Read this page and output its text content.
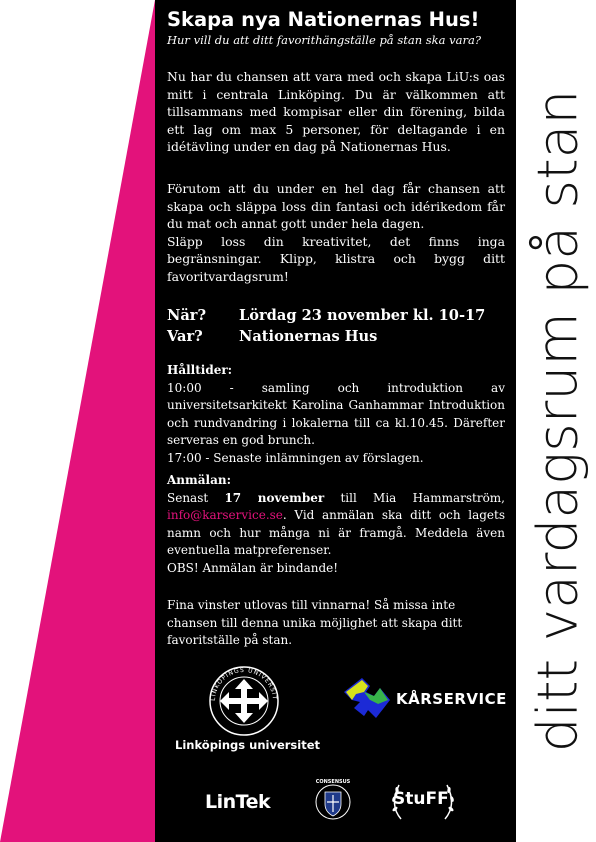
ditt vardagsrum på stan
Skapa nya Nationernas Hus!
Hur vill du att ditt favorithängställe på stan ska vara?
Nu har du chansen att vara med och skapa LiU:s oas mitt i centrala Linköping. Du är välkommen att tillsammans med kompisar eller din förening, bilda ett lag om max 5 personer, för deltagande i en idétävling under en dag på Nationernas Hus.
Förutom att du under en hel dag får chansen att skapa och släppa loss din fantasi och idérikedom får du mat och annat gott under hela dagen.
Släpp loss din kreativitet, det finns inga begränsningar. Klipp, klistra och bygg ditt favoritvardagsrum!
När? Lördag 23 november kl. 10-17
Var? Nationernas Hus
Hålltider:
10:00 - samling och introduktion av universitetsarkitekt Karolina Ganhammar Introduktion och rundvandring i lokalerna till ca kl.10.45. Därefter serveras en god brunch.
17:00 - Senaste inlämningen av förslagen.
Anmälan:
Senast 17 november till Mia Hammarström, info@karservice.se. Vid anmälan ska ditt och lagets namn och hur många ni är framgå. Meddela även eventuella matpreferenser.
OBS! Anmälan är bindande!
Fina vinster utlovas till vinnarna! Så missa inte chansen till denna unika möjlighet att skapa ditt favoritställe på stan.
LINKÖPINGS UNIVERSIT
Linköpings universitet
KÅRSERVICE
LinTek
CONSENSUS
StuFF
